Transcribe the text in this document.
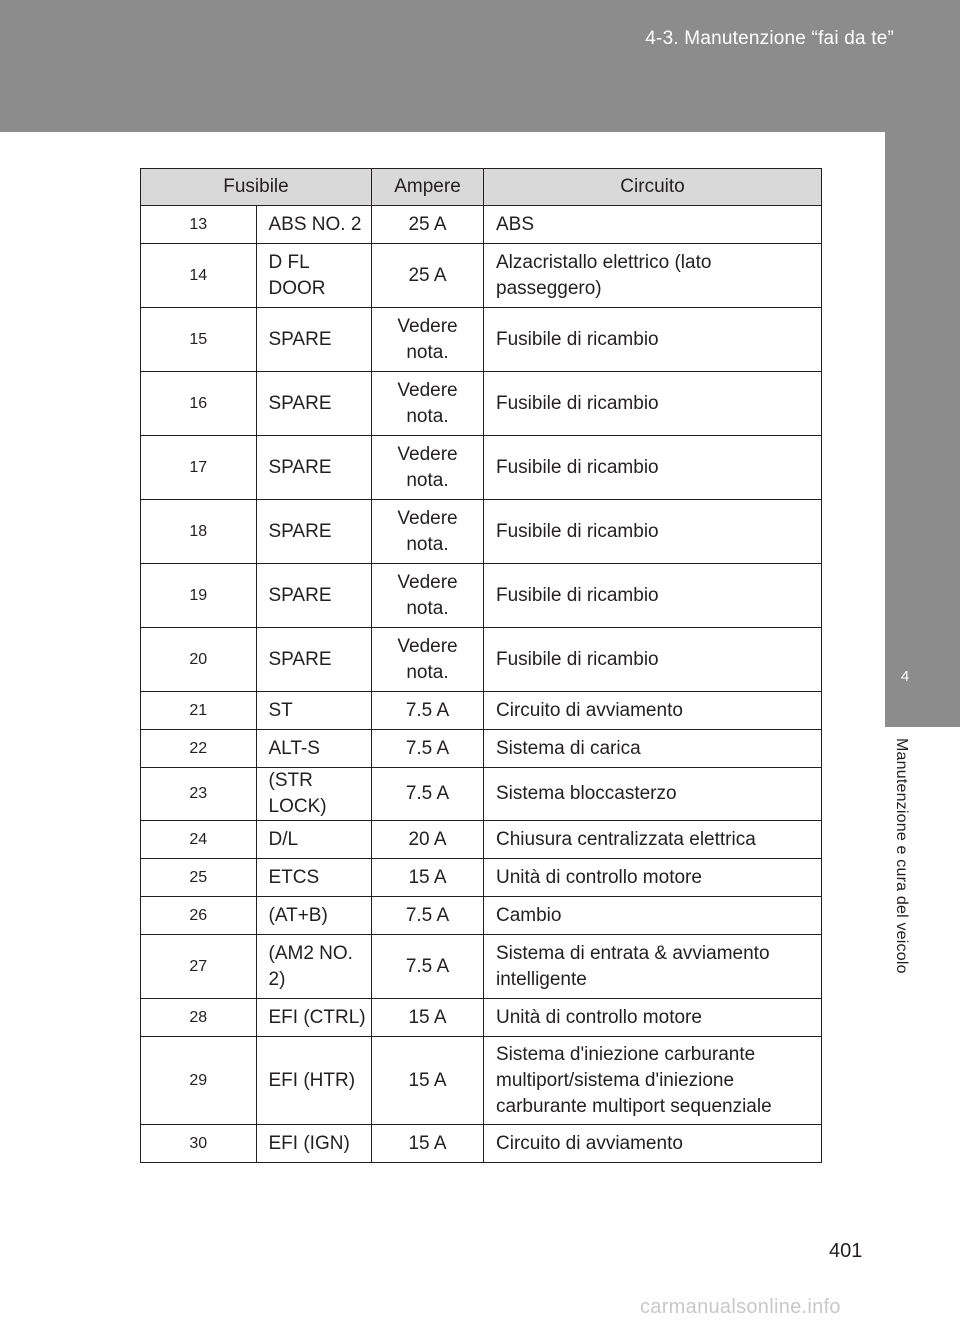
4-3. Manutenzione “fai da te”
4
Manutenzione e cura del veicolo
Fusibile		Ampere	Circuito
13	ABS NO. 2	25 A	ABS
14	D FL DOOR	25 A	Alzacristallo elettrico (lato passeggero)
15	SPARE	Vedere nota.	Fusibile di ricambio
16	SPARE	Vedere nota.	Fusibile di ricambio
17	SPARE	Vedere nota.	Fusibile di ricambio
18	SPARE	Vedere nota.	Fusibile di ricambio
19	SPARE	Vedere nota.	Fusibile di ricambio
20	SPARE	Vedere nota.	Fusibile di ricambio
21	ST	7.5 A	Circuito di avviamento
22	ALT-S	7.5 A	Sistema di carica
23	(STR LOCK)	7.5 A	Sistema bloccasterzo
24	D/L	20 A	Chiusura centralizzata elettrica
25	ETCS	15 A	Unità di controllo motore
26	(AT+B)	7.5 A	Cambio
27	(AM2 NO. 2)	7.5 A	Sistema di entrata & avviamento intelligente
28	EFI (CTRL)	15 A	Unità di controllo motore
29	EFI (HTR)	15 A	Sistema d'iniezione carburante multiport/sistema d'iniezione carburante multiport sequenziale
30	EFI (IGN)	15 A	Circuito di avviamento
401
carmanualsonline.info
